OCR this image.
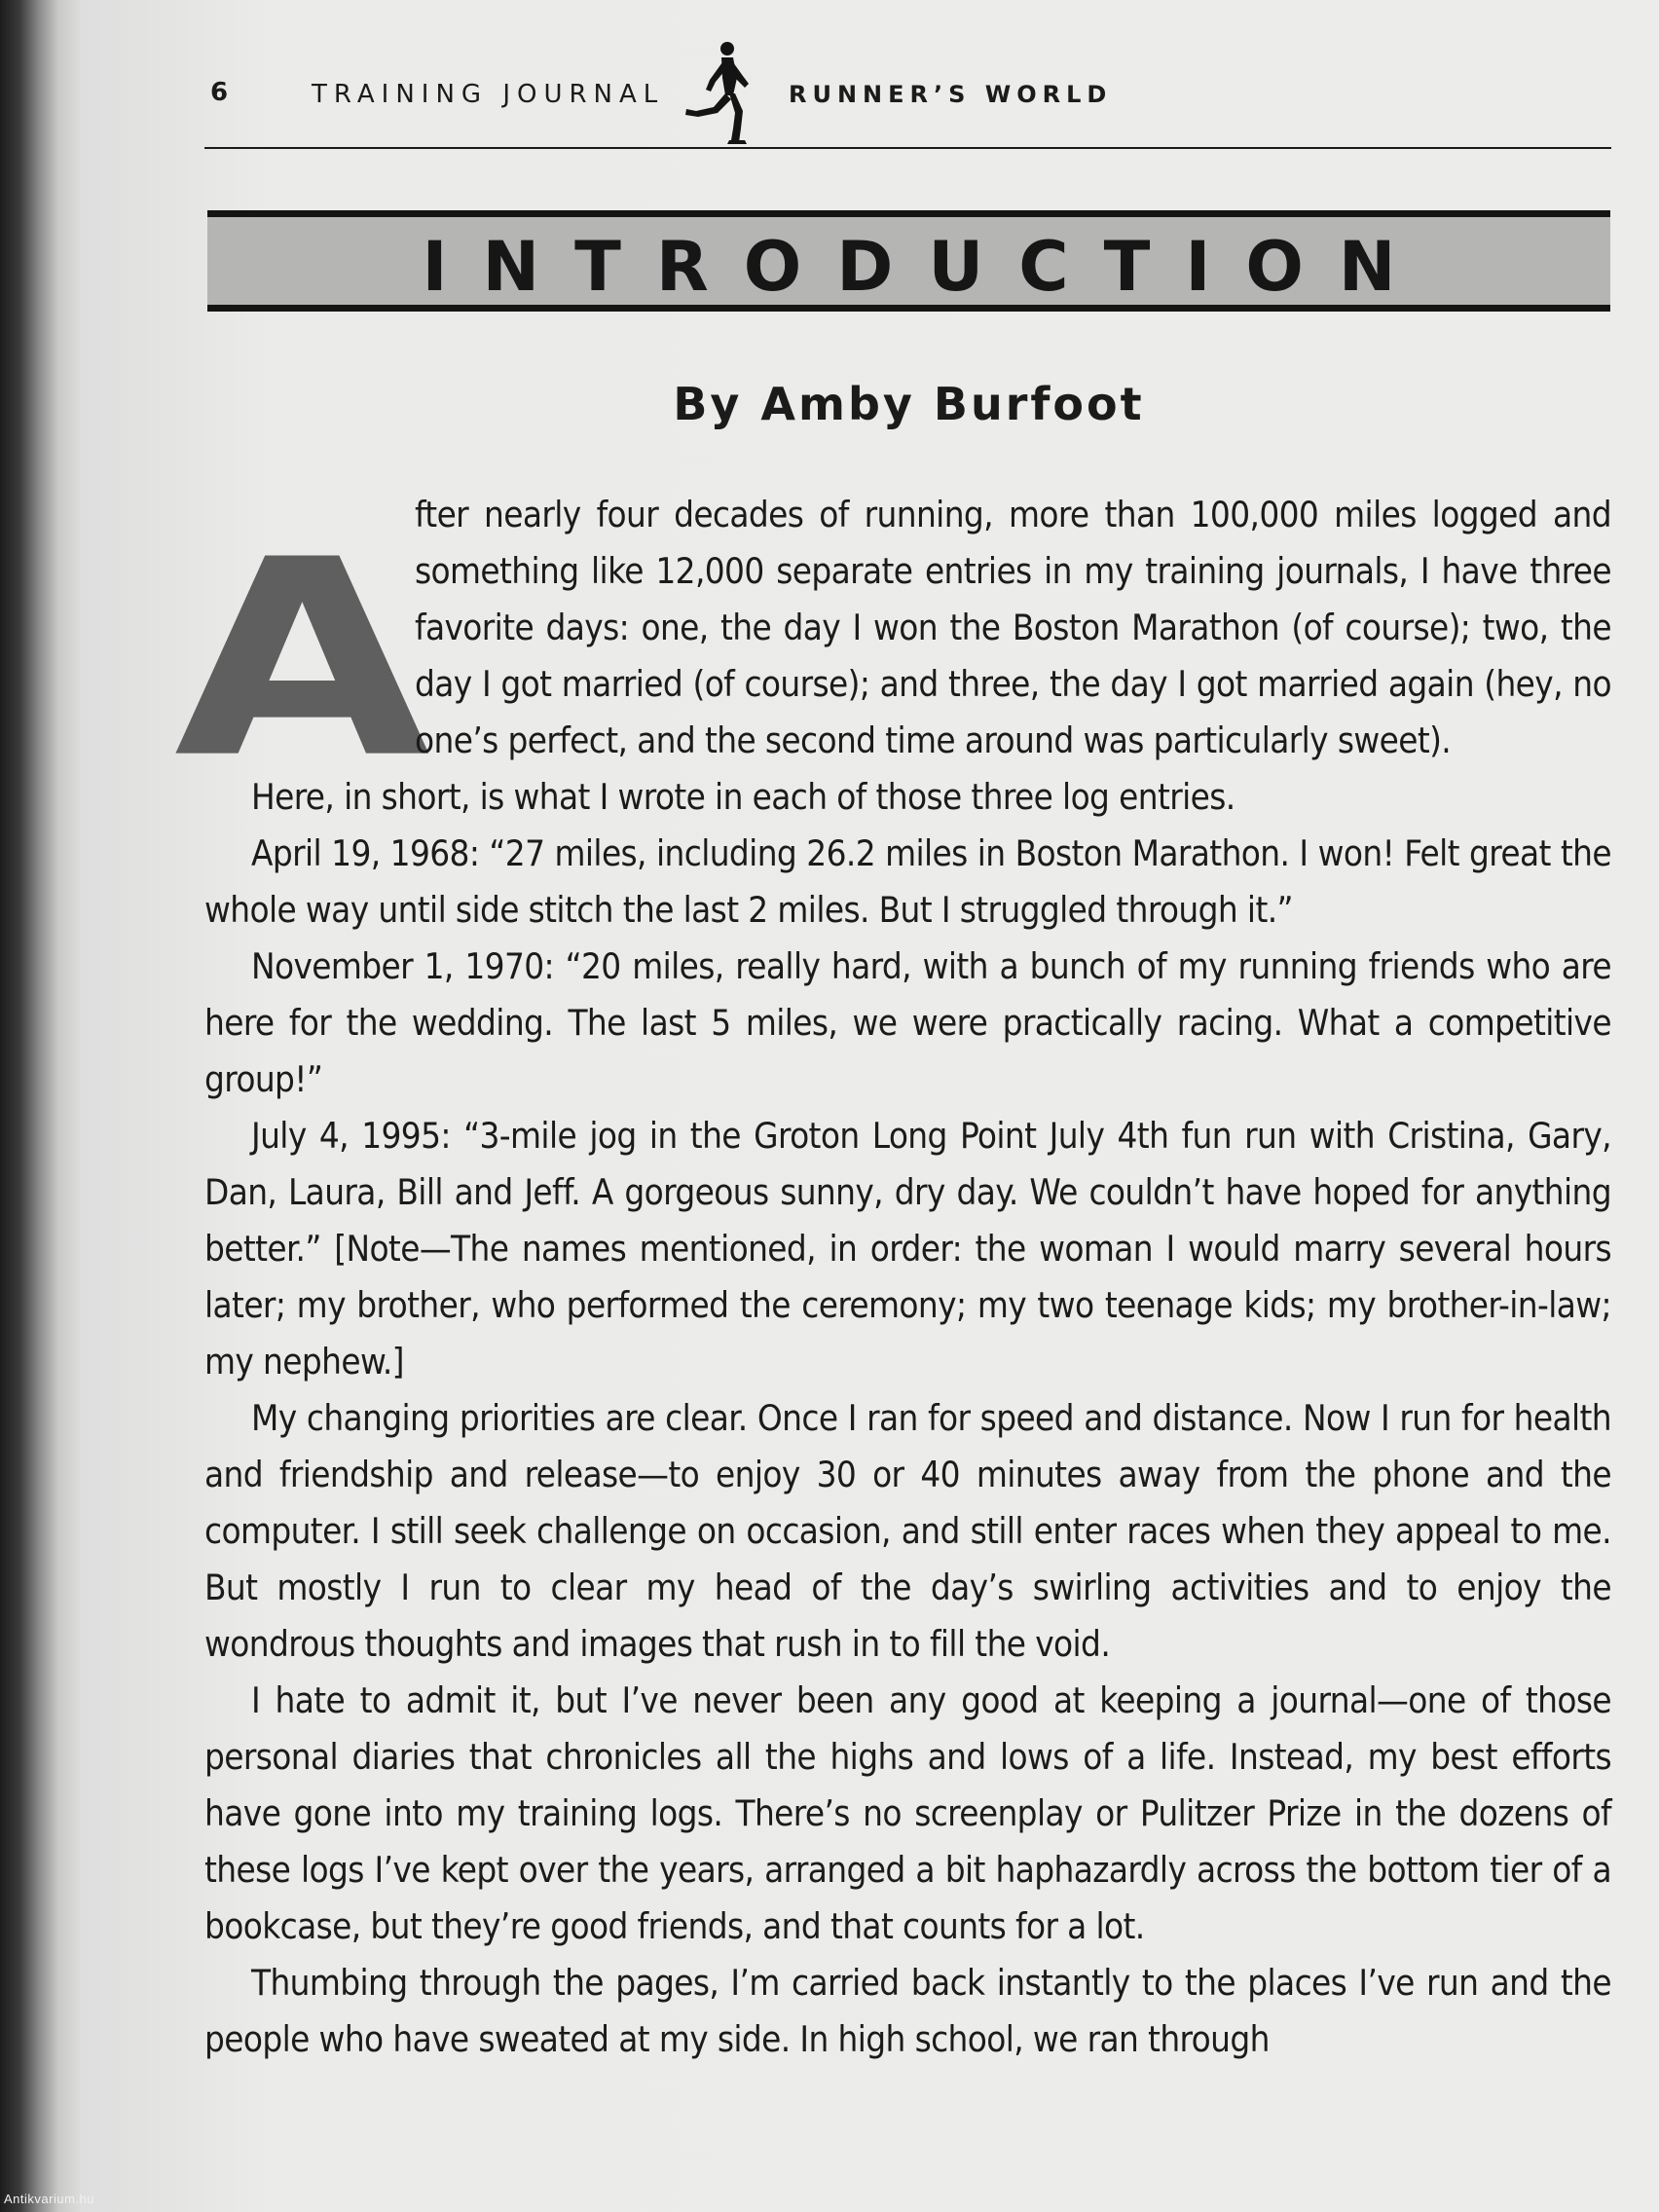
6	TRAINING JOURNAL	RUNNER’S WORLD
INTRODUCTION
By Amby Burfoot

A
fter nearly four decades of running, more than 100,000 miles logged and something like 12,000 separate entries in my training journals, I have three favorite days: one, the day I won the Boston Marathon (of course); two, the day I got married (of course); and three, the day I got married again (hey, no one’s perfect, and the second time around was particularly sweet).

Here, in short, is what I wrote in each of those three log entries.

April 19, 1968: “27 miles, including 26.2 miles in Boston Marathon. I won! Felt great the whole way until side stitch the last 2 miles. But I struggled through it.”

November 1, 1970: “20 miles, really hard, with a bunch of my running friends who are here for the wedding. The last 5 miles, we were practically racing. What a competitive group!”

July 4, 1995: “3-mile jog in the Groton Long Point July 4th fun run with Cristina, Gary, Dan, Laura, Bill and Jeff. A gorgeous sunny, dry day. We couldn’t have hoped for anything better.” [Note—The names mentioned, in order: the woman I would marry several hours later; my brother, who performed the ceremony; my two teenage kids; my brother-in-law; my nephew.]

My changing priorities are clear. Once I ran for speed and distance. Now I run for health and friendship and release—to enjoy 30 or 40 minutes away from the phone and the computer. I still seek challenge on occasion, and still enter races when they appeal to me. But mostly I run to clear my head of the day’s swirling activities and to enjoy the wondrous thoughts and images that rush in to fill the void.

I hate to admit it, but I’ve never been any good at keeping a journal—one of those personal diaries that chronicles all the highs and lows of a life. Instead, my best efforts have gone into my training logs. There’s no screenplay or Pulitzer Prize in the dozens of these logs I’ve kept over the years, arranged a bit haphazardly across the bottom tier of a bookcase, but they’re good friends, and that counts for a lot.

Thumbing through the pages, I’m carried back instantly to the places I’ve run and the people who have sweated at my side. In high school, we ran through

Antikvarium.hu
